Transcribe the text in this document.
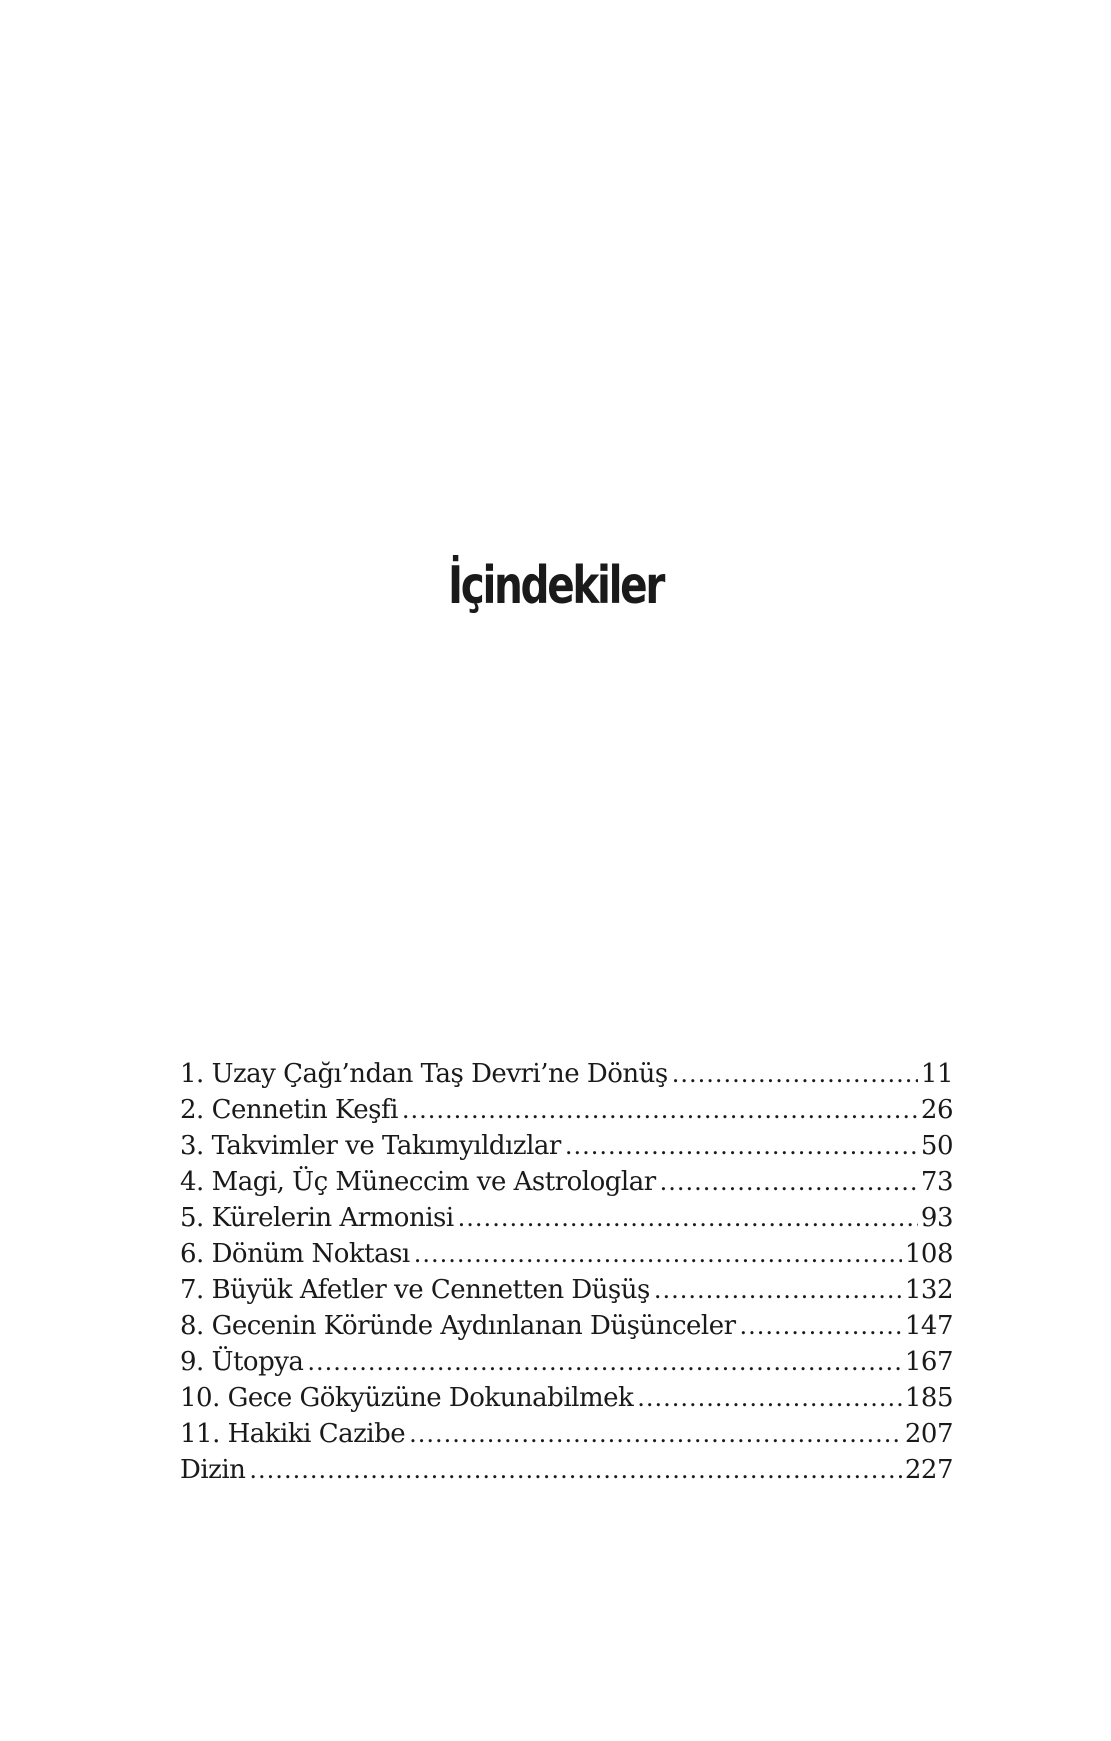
İçindekiler
1. Uzay Çağı’ndan Taş Devri’ne Dönüş .....	11
2. Cennetin Keşfi .....	26
3. Takvimler ve Takımyıldızlar .....	50
4. Magi, Üç Müneccim ve Astrologlar .....	73
5. Kürelerin Armonisi .....	93
6. Dönüm Noktası .....	108
7. Büyük Afetler ve Cennetten Düşüş .....	132
8. Gecenin Köründe Aydınlanan Düşünceler .....	147
9. Ütopya .....	167
10. Gece Gökyüzüne Dokunabilmek .....	185
11. Hakiki Cazibe .....	207
Dizin .....	227
